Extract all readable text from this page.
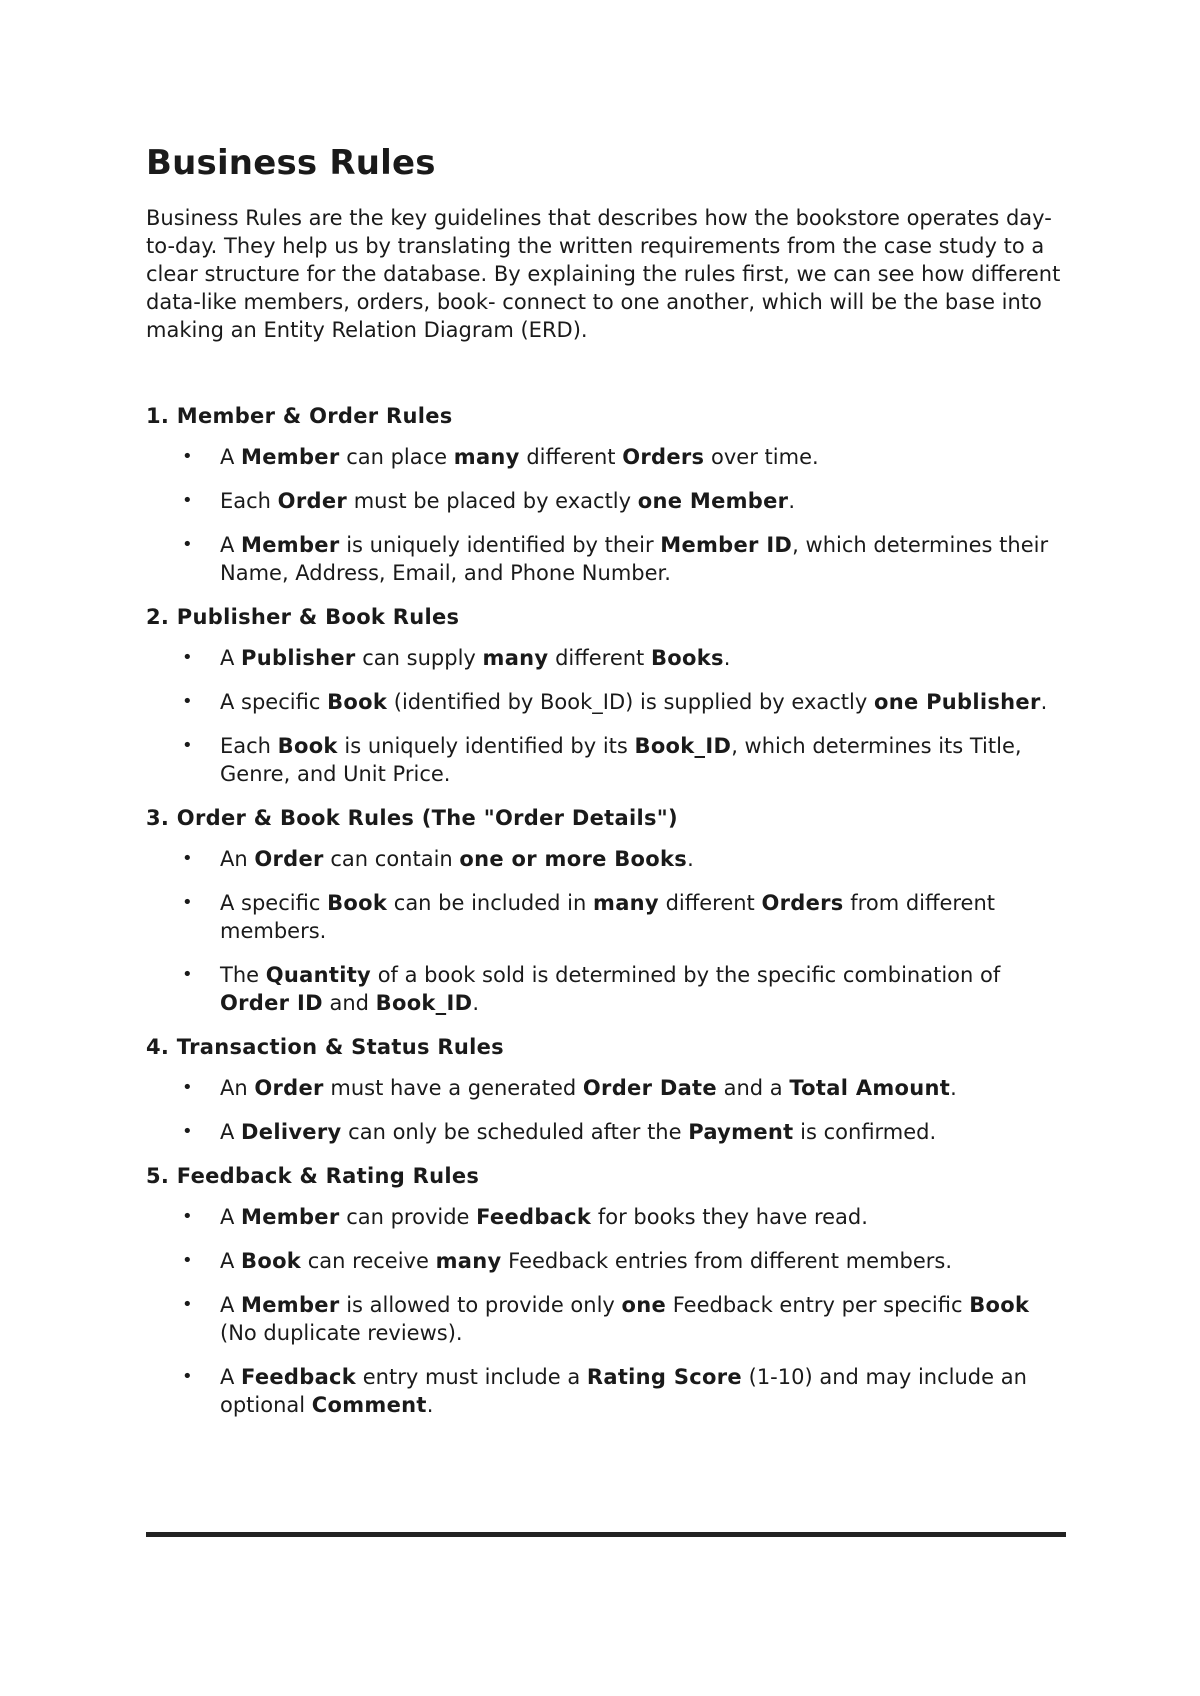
Business Rules

Business Rules are the key guidelines that describes how the bookstore operates day-to-day. They help us by translating the written requirements from the case study to a clear structure for the database. By explaining the rules first, we can see how different data-like members, orders, book- connect to one another, which will be the base into making an Entity Relation Diagram (ERD).

1. Member & Order Rules
• A Member can place many different Orders over time.
• Each Order must be placed by exactly one Member.
• A Member is uniquely identified by their Member ID, which determines their Name, Address, Email, and Phone Number.
2. Publisher & Book Rules
• A Publisher can supply many different Books.
• A specific Book (identified by Book_ID) is supplied by exactly one Publisher.
• Each Book is uniquely identified by its Book_ID, which determines its Title, Genre, and Unit Price.
3. Order & Book Rules (The "Order Details")
• An Order can contain one or more Books.
• A specific Book can be included in many different Orders from different members.
• The Quantity of a book sold is determined by the specific combination of Order ID and Book_ID.
4. Transaction & Status Rules
• An Order must have a generated Order Date and a Total Amount.
• A Delivery can only be scheduled after the Payment is confirmed.
5. Feedback & Rating Rules
• A Member can provide Feedback for books they have read.
• A Book can receive many Feedback entries from different members.
• A Member is allowed to provide only one Feedback entry per specific Book (No duplicate reviews).
• A Feedback entry must include a Rating Score (1-10) and may include an optional Comment.
